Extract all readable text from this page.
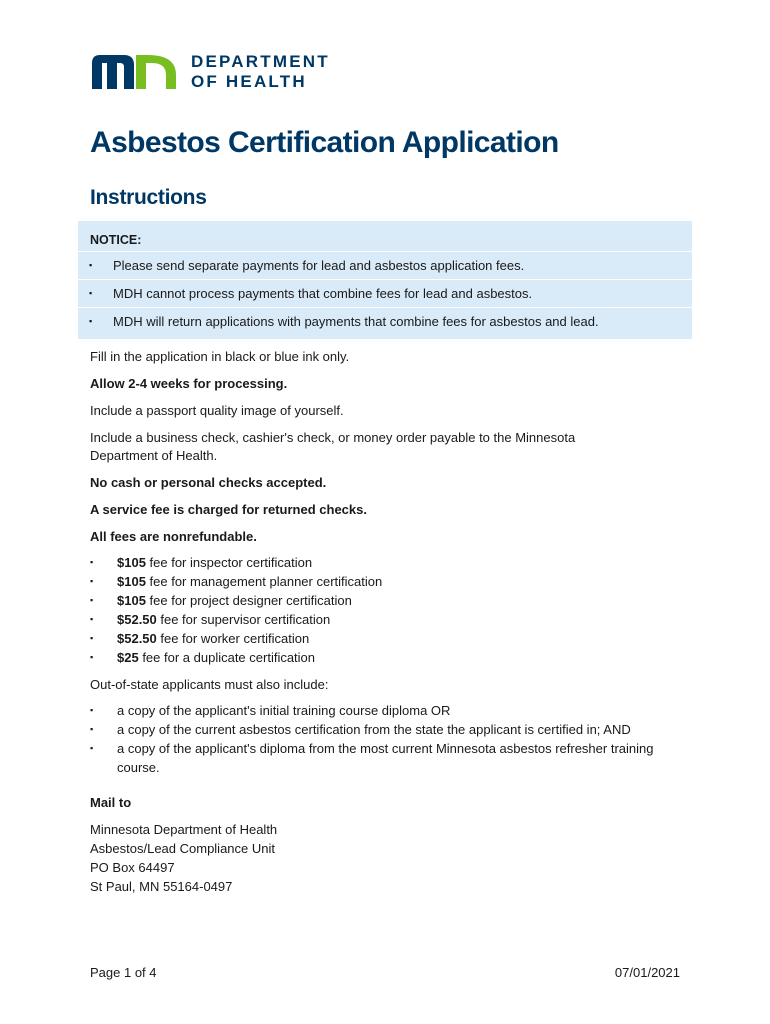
DEPARTMENT
OF HEALTH
Asbestos Certification Application
Instructions
NOTICE:
▪ Please send separate payments for lead and asbestos application fees.
▪ MDH cannot process payments that combine fees for lead and asbestos.
▪ MDH will return applications with payments that combine fees for asbestos and lead.

Fill in the application in black or blue ink only.

Allow 2-4 weeks for processing.

Include a passport quality image of yourself.

Include a business check, cashier's check, or money order payable to the Minnesota Department of Health.

No cash or personal checks accepted.

A service fee is charged for returned checks.

All fees are nonrefundable.

▪ $105 fee for inspector certification
▪ $105 fee for management planner certification
▪ $105 fee for project designer certification
▪ $52.50 fee for supervisor certification
▪ $52.50 fee for worker certification
▪ $25 fee for a duplicate certification

Out-of-state applicants must also include:

▪ a copy of the applicant's initial training course diploma OR
▪ a copy of the current asbestos certification from the state the applicant is certified in; AND
▪ a copy of the applicant's diploma from the most current Minnesota asbestos refresher training course.

Mail to

Minnesota Department of Health
Asbestos/Lead Compliance Unit
PO Box 64497
St Paul, MN 55164-0497
Page 1 of 4	07/01/2021
